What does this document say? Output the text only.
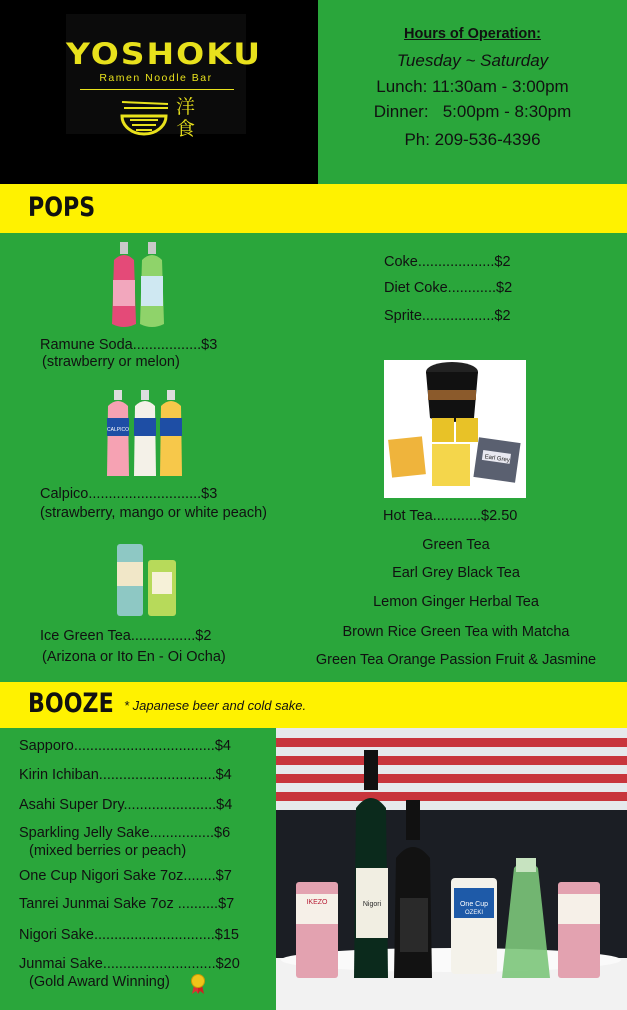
YOSHOKU
Ramen Noodle Bar
洋
食
Hours of Operation:
Tuesday ~ Saturday
Lunch: 11:30am - 3:00pm
Dinner:   5:00pm - 8:30pm
Ph: 209-536-4396
POPS
Ramune Soda.................$3
(strawberry or melon)
CALPICO
Calpico............................$3
(strawberry, mango or white peach)
Ice Green Tea................$2
(Arizona or Ito En - Oi Ocha)
Coke...................$2
Diet Coke............$2
Sprite..................$2
Earl Grey
Hot Tea............$2.50
Green Tea
Earl Grey Black Tea
Lemon Ginger Herbal Tea
Brown Rice Green Tea with Matcha
Green Tea Orange Passion Fruit & Jasmine
BOOZE * Japanese beer and cold sake.
Sapporo...................................$4
Kirin Ichiban.............................$4
Asahi Super Dry.......................$4
Sparkling Jelly Sake................$6
(mixed berries or peach)
One Cup Nigori Sake 7oz........$7
Tanrei Junmai Sake 7oz ..........$7
Nigori Sake..............................$15
Junmai Sake............................$20
(Gold Award Winning)
IKEZO	Nigori	One Cup
OZEKI
